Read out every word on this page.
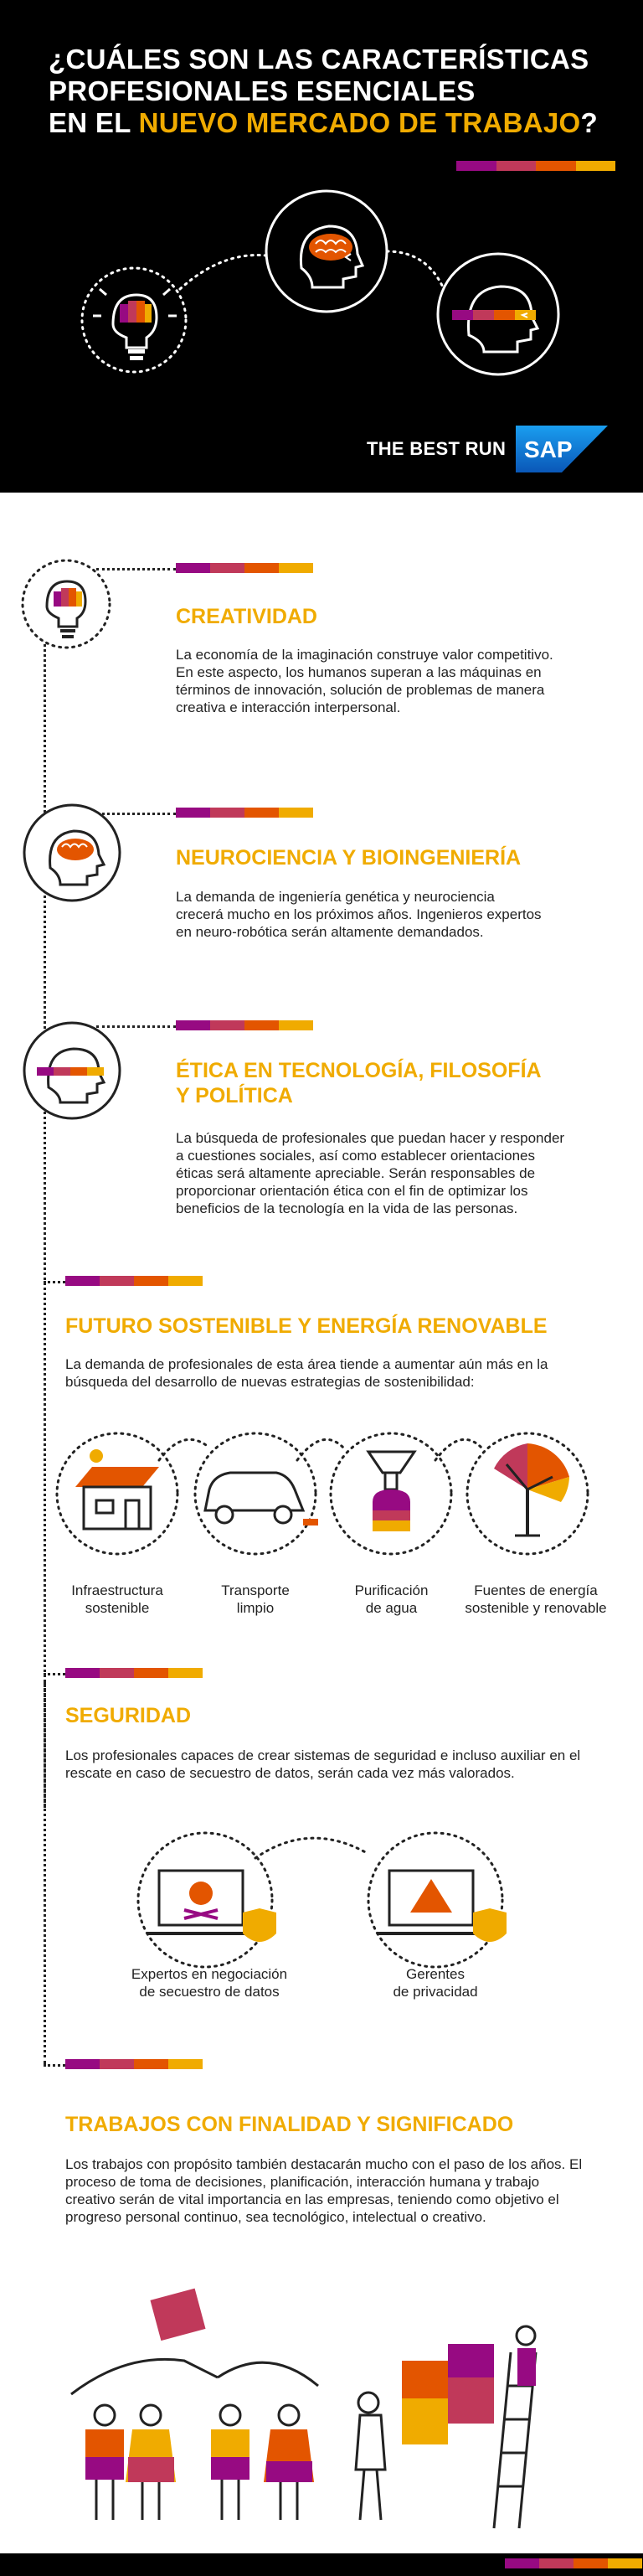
¿CUÁLES SON LAS CARACTERÍSTICAS
PROFESIONALES ESENCIALES
EN EL NUEVO MERCADO DE TRABAJO?
THE BEST RUN SAP
CREATIVIDAD
La economía de la imaginación construye valor competitivo. En este aspecto, los humanos superan a las máquinas en términos de innovación, solución de problemas de manera creativa e interacción interpersonal.
NEUROCIENCIA Y BIOINGENIERÍA
La demanda de ingeniería genética y neurociencia crecerá mucho en los próximos años. Ingenieros expertos en neuro-robótica serán altamente demandados.
ÉTICA EN TECNOLOGÍA, FILOSOFÍA
Y POLÍTICA
La búsqueda de profesionales que puedan hacer y responder a cuestiones sociales, así como establecer orientaciones éticas será altamente apreciable. Serán responsables de proporcionar orientación ética con el fin de optimizar los beneficios de la tecnología en la vida de las personas.
FUTURO SOSTENIBLE Y ENERGÍA RENOVABLE
La demanda de profesionales de esta área tiende a aumentar aún más en la búsqueda del desarrollo de nuevas estrategias de sostenibilidad:
Infraestructura
sostenible
Transporte
limpio
Purificación
de agua
Fuentes de energía
sostenible y renovable
SEGURIDAD
Los profesionales capaces de crear sistemas de seguridad e incluso auxiliar en el rescate en caso de secuestro de datos, serán cada vez más valorados.
Expertos en negociación
de secuestro de datos
Gerentes
de privacidad
TRABAJOS CON FINALIDAD Y SIGNIFICADO
Los trabajos con propósito también destacarán mucho con el paso de los años. El proceso de toma de decisiones, planificación, interacción humana y trabajo creativo serán de vital importancia en las empresas, teniendo como objetivo el progreso personal continuo, sea tecnológico, intelectual o creativo.
